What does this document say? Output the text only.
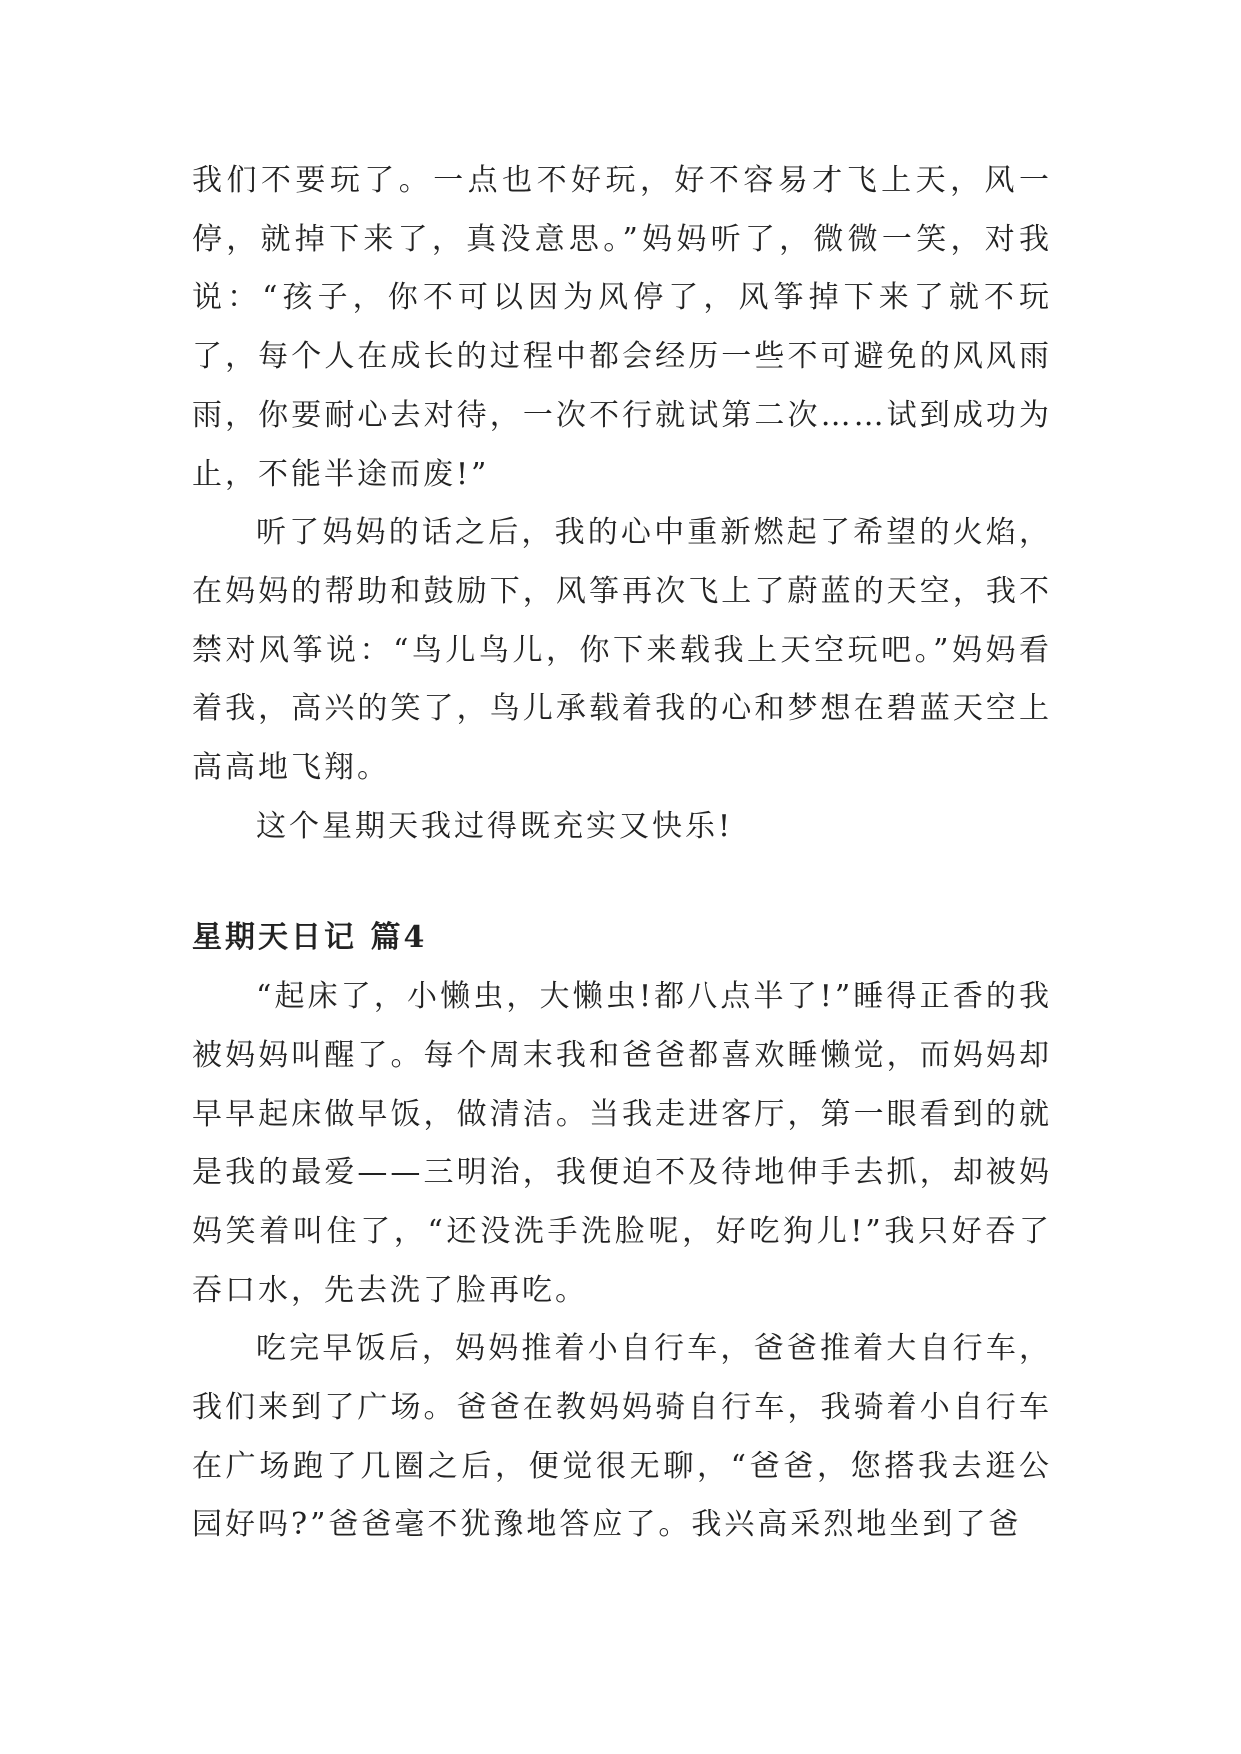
我们不要玩了。一点也不好玩，好不容易才飞上天，风一停，就掉下来了，真没意思。”妈妈听了，微微一笑，对我说：“孩子，你不可以因为风停了，风筝掉下来了就不玩了，每个人在成长的过程中都会经历一些不可避免的风风雨雨，你要耐心去对待，一次不行就试第二次……试到成功为止，不能半途而废!”

听了妈妈的话之后，我的心中重新燃起了希望的火焰，在妈妈的帮助和鼓励下，风筝再次飞上了蔚蓝的天空，我不禁对风筝说：“鸟儿鸟儿，你下来载我上天空玩吧。”妈妈看着我，高兴的笑了，鸟儿承载着我的心和梦想在碧蓝天空上高高地飞翔。

这个星期天我过得既充实又快乐!

星期天日记 篇4

“起床了，小懒虫，大懒虫!都八点半了!”睡得正香的我被妈妈叫醒了。每个周末我和爸爸都喜欢睡懒觉，而妈妈却早早起床做早饭，做清洁。当我走进客厅，第一眼看到的就是我的最爱——三明治，我便迫不及待地伸手去抓，却被妈妈笑着叫住了，“还没洗手洗脸呢，好吃狗儿!”我只好吞了吞口水，先去洗了脸再吃。

吃完早饭后，妈妈推着小自行车，爸爸推着大自行车，我们来到了广场。爸爸在教妈妈骑自行车，我骑着小自行车在广场跑了几圈之后，便觉很无聊，“爸爸，您搭我去逛公园好吗?”爸爸毫不犹豫地答应了。我兴高采烈地坐到了爸
